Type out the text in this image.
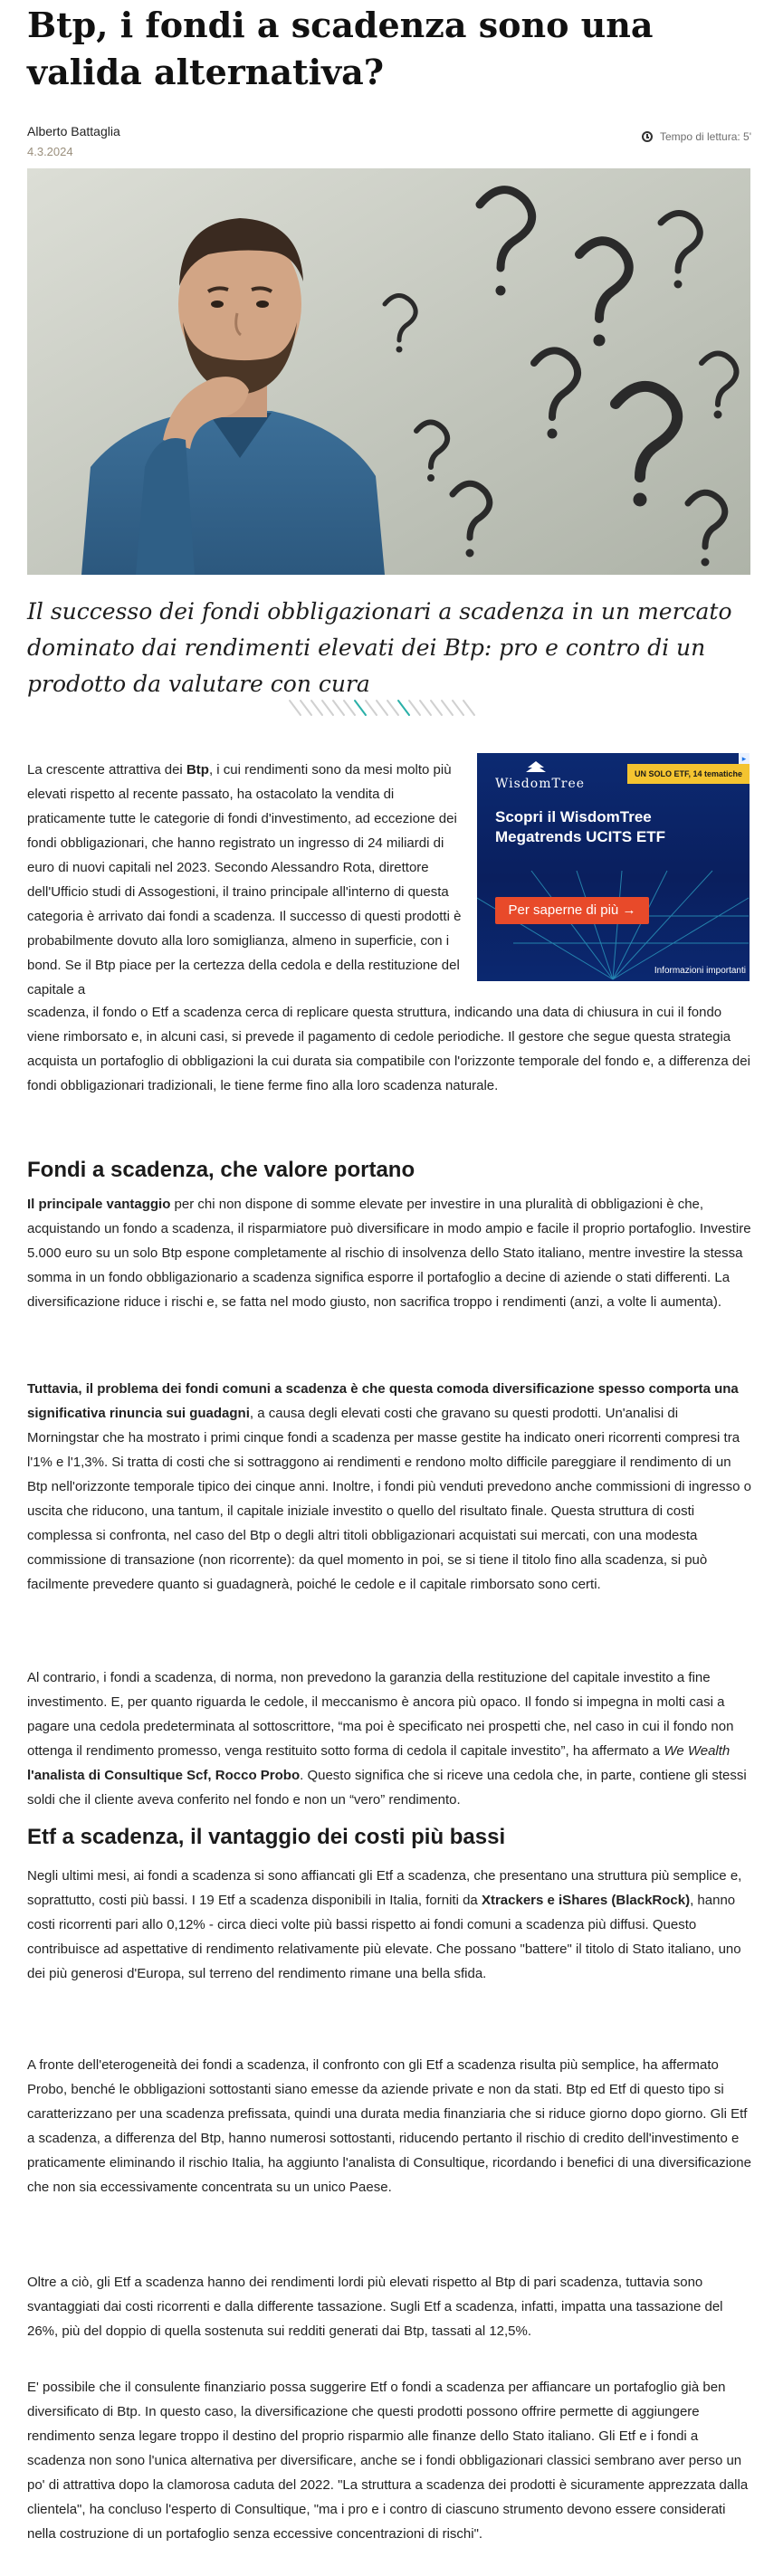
Btp, i fondi a scadenza sono una valida alternativa?
Alberto Battaglia
4.3.2024
Tempo di lettura: 5'

Il successo dei fondi obbligazionari a scadenza in un mercato dominato dai rendimenti elevati dei Btp: pro e contro di un prodotto da valutare con cura

La crescente attrattiva dei Btp, i cui rendimenti sono da mesi molto più elevati rispetto al recente passato, ha ostacolato la vendita di praticamente tutte le categorie di fondi d'investimento, ad eccezione dei fondi obbligazionari, che hanno registrato un ingresso di 24 miliardi di euro di nuovi capitali nel 2023. Secondo Alessandro Rota, direttore dell'Ufficio studi di Assogestioni, il traino principale all'interno di questa categoria è arrivato dai fondi a scadenza. Il successo di questi prodotti è probabilmente dovuto alla loro somiglianza, almeno in superficie, con i bond. Se il Btp piace per la certezza della cedola e della restituzione del capitale a

scadenza, il fondo o Etf a scadenza cerca di replicare questa struttura, indicando una data di chiusura in cui il fondo viene rimborsato e, in alcuni casi, si prevede il pagamento di cedole periodiche. Il gestore che segue questa strategia acquista un portafoglio di obbligazioni la cui durata sia compatibile con l'orizzonte temporale del fondo e, a differenza dei fondi obbligazionari tradizionali, le tiene ferme fino alla loro scadenza naturale.

▸
UN SOLO ETF, 14 tematiche
WisdomTree
Scopri il WisdomTree Megatrends UCITS ETF
Per saperne di più →
Informazioni importanti
Fondi a scadenza, che valore portano

Il principale vantaggio per chi non dispone di somme elevate per investire in una pluralità di obbligazioni è che, acquistando un fondo a scadenza, il risparmiatore può diversificare in modo ampio e facile il proprio portafoglio. Investire 5.000 euro su un solo Btp espone completamente al rischio di insolvenza dello Stato italiano, mentre investire la stessa somma in un fondo obbligazionario a scadenza significa esporre il portafoglio a decine di aziende o stati differenti. La diversificazione riduce i rischi e, se fatta nel modo giusto, non sacrifica troppo i rendimenti (anzi, a volte li aumenta).

Tuttavia, il problema dei fondi comuni a scadenza è che questa comoda diversificazione spesso comporta una significativa rinuncia sui guadagni, a causa degli elevati costi che gravano su questi prodotti. Un'analisi di Morningstar che ha mostrato i primi cinque fondi a scadenza per masse gestite ha indicato oneri ricorrenti compresi tra l'1% e l'1,3%. Si tratta di costi che si sottraggono ai rendimenti e rendono molto difficile pareggiare il rendimento di un Btp nell'orizzonte temporale tipico dei cinque anni. Inoltre, i fondi più venduti prevedono anche commissioni di ingresso o uscita che riducono, una tantum, il capitale iniziale investito o quello del risultato finale. Questa struttura di costi complessa si confronta, nel caso del Btp o degli altri titoli obbligazionari acquistati sui mercati, con una modesta commissione di transazione (non ricorrente): da quel momento in poi, se si tiene il titolo fino alla scadenza, si può facilmente prevedere quanto si guadagnerà, poiché le cedole e il capitale rimborsato sono certi.

Al contrario, i fondi a scadenza, di norma, non prevedono la garanzia della restituzione del capitale investito a fine investimento. E, per quanto riguarda le cedole, il meccanismo è ancora più opaco. Il fondo si impegna in molti casi a pagare una cedola predeterminata al sottoscrittore, “ma poi è specificato nei prospetti che, nel caso in cui il fondo non ottenga il rendimento promesso, venga restituito sotto forma di cedola il capitale investito”, ha affermato a We Wealth l'analista di Consultique Scf, Rocco Probo. Questo significa che si riceve una cedola che, in parte, contiene gli stessi soldi che il cliente aveva conferito nel fondo e non un “vero” rendimento.

Etf a scadenza, il vantaggio dei costi più bassi

Negli ultimi mesi, ai fondi a scadenza si sono affiancati gli Etf a scadenza, che presentano una struttura più semplice e, soprattutto, costi più bassi. I 19 Etf a scadenza disponibili in Italia, forniti da Xtrackers e iShares (BlackRock), hanno costi ricorrenti pari allo 0,12% - circa dieci volte più bassi rispetto ai fondi comuni a scadenza più diffusi. Questo contribuisce ad aspettative di rendimento relativamente più elevate. Che possano "battere" il titolo di Stato italiano, uno dei più generosi d'Europa, sul terreno del rendimento rimane una bella sfida.

A fronte dell'eterogeneità dei fondi a scadenza, il confronto con gli Etf a scadenza risulta più semplice, ha affermato Probo, benché le obbligazioni sottostanti siano emesse da aziende private e non da stati. Btp ed Etf di questo tipo si caratterizzano per una scadenza prefissata, quindi una durata media finanziaria che si riduce giorno dopo giorno. Gli Etf a scadenza, a differenza del Btp, hanno numerosi sottostanti, riducendo pertanto il rischio di credito dell'investimento e praticamente eliminando il rischio Italia, ha aggiunto l'analista di Consultique, ricordando i benefici di una diversificazione che non sia eccessivamente concentrata su un unico Paese.

Oltre a ciò, gli Etf a scadenza hanno dei rendimenti lordi più elevati rispetto al Btp di pari scadenza, tuttavia sono svantaggiati dai costi ricorrenti e dalla differente tassazione. Sugli Etf a scadenza, infatti, impatta una tassazione del 26%, più del doppio di quella sostenuta sui redditi generati dai Btp, tassati al 12,5%.

E' possibile che il consulente finanziario possa suggerire Etf o fondi a scadenza per affiancare un portafoglio già ben diversificato di Btp. In questo caso, la diversificazione che questi prodotti possono offrire permette di aggiungere rendimento senza legare troppo il destino del proprio risparmio alle finanze dello Stato italiano. Gli Etf e i fondi a scadenza non sono l'unica alternativa per diversificare, anche se i fondi obbligazionari classici sembrano aver perso un po' di attrattiva dopo la clamorosa caduta del 2022. "La struttura a scadenza dei prodotti è sicuramente apprezzata dalla clientela", ha concluso l'esperto di Consultique, "ma i pro e i contro di ciascuno strumento devono essere considerati nella costruzione di un portafoglio senza eccessive concentrazioni di rischi".
